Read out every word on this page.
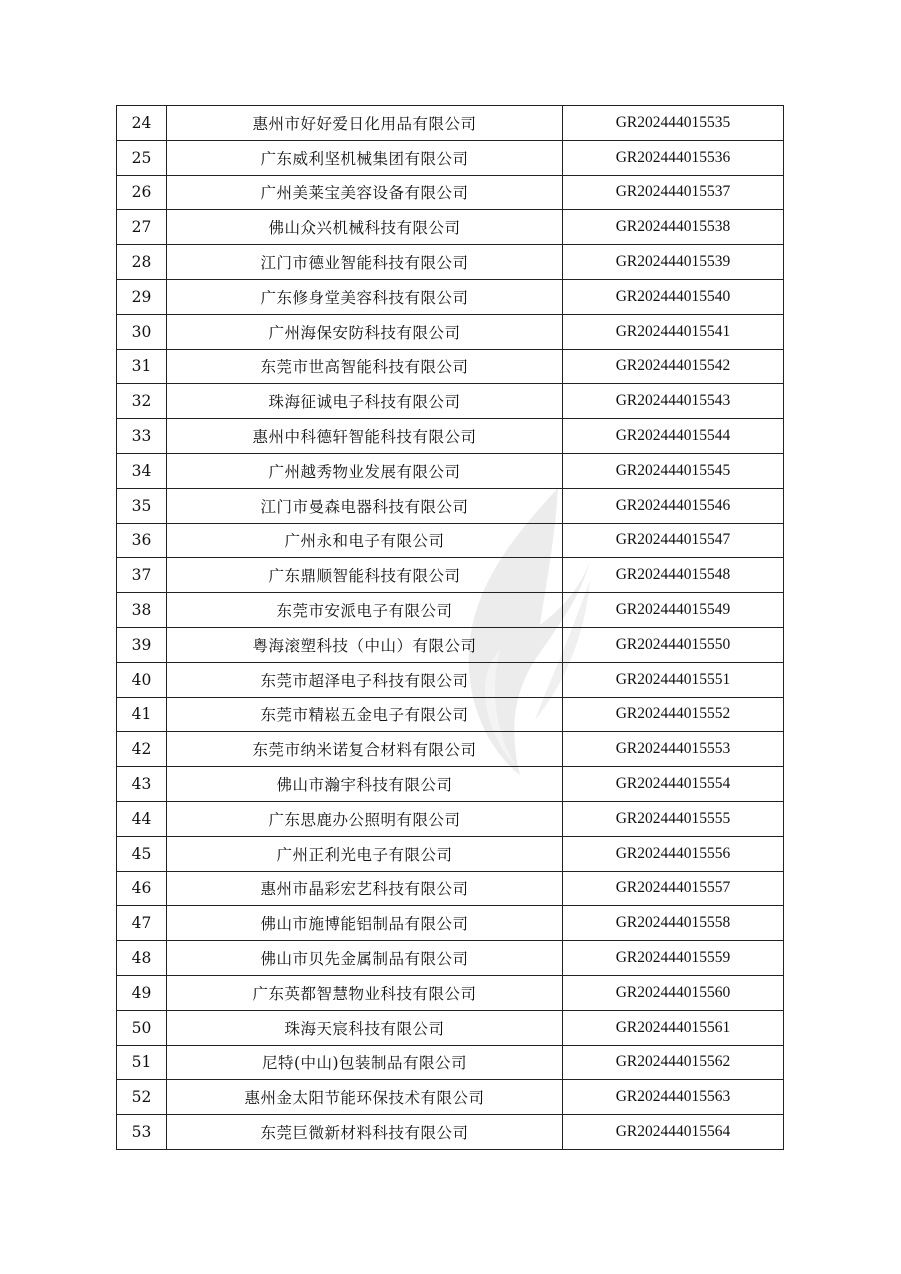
24	惠州市好好爱日化用品有限公司	GR202444015535
25	广东威利坚机械集团有限公司	GR202444015536
26	广州美莱宝美容设备有限公司	GR202444015537
27	佛山众兴机械科技有限公司	GR202444015538
28	江门市德业智能科技有限公司	GR202444015539
29	广东修身堂美容科技有限公司	GR202444015540
30	广州海保安防科技有限公司	GR202444015541
31	东莞市世高智能科技有限公司	GR202444015542
32	珠海征诚电子科技有限公司	GR202444015543
33	惠州中科德轩智能科技有限公司	GR202444015544
34	广州越秀物业发展有限公司	GR202444015545
35	江门市曼森电器科技有限公司	GR202444015546
36	广州永和电子有限公司	GR202444015547
37	广东鼎顺智能科技有限公司	GR202444015548
38	东莞市安派电子有限公司	GR202444015549
39	粤海滚塑科技（中山）有限公司	GR202444015550
40	东莞市超泽电子科技有限公司	GR202444015551
41	东莞市精崧五金电子有限公司	GR202444015552
42	东莞市纳米诺复合材料有限公司	GR202444015553
43	佛山市瀚宇科技有限公司	GR202444015554
44	广东思鹿办公照明有限公司	GR202444015555
45	广州正利光电子有限公司	GR202444015556
46	惠州市晶彩宏艺科技有限公司	GR202444015557
47	佛山市施博能铝制品有限公司	GR202444015558
48	佛山市贝先金属制品有限公司	GR202444015559
49	广东英都智慧物业科技有限公司	GR202444015560
50	珠海天宸科技有限公司	GR202444015561
51	尼特(中山)包装制品有限公司	GR202444015562
52	惠州金太阳节能环保技术有限公司	GR202444015563
53	东莞巨微新材料科技有限公司	GR202444015564
